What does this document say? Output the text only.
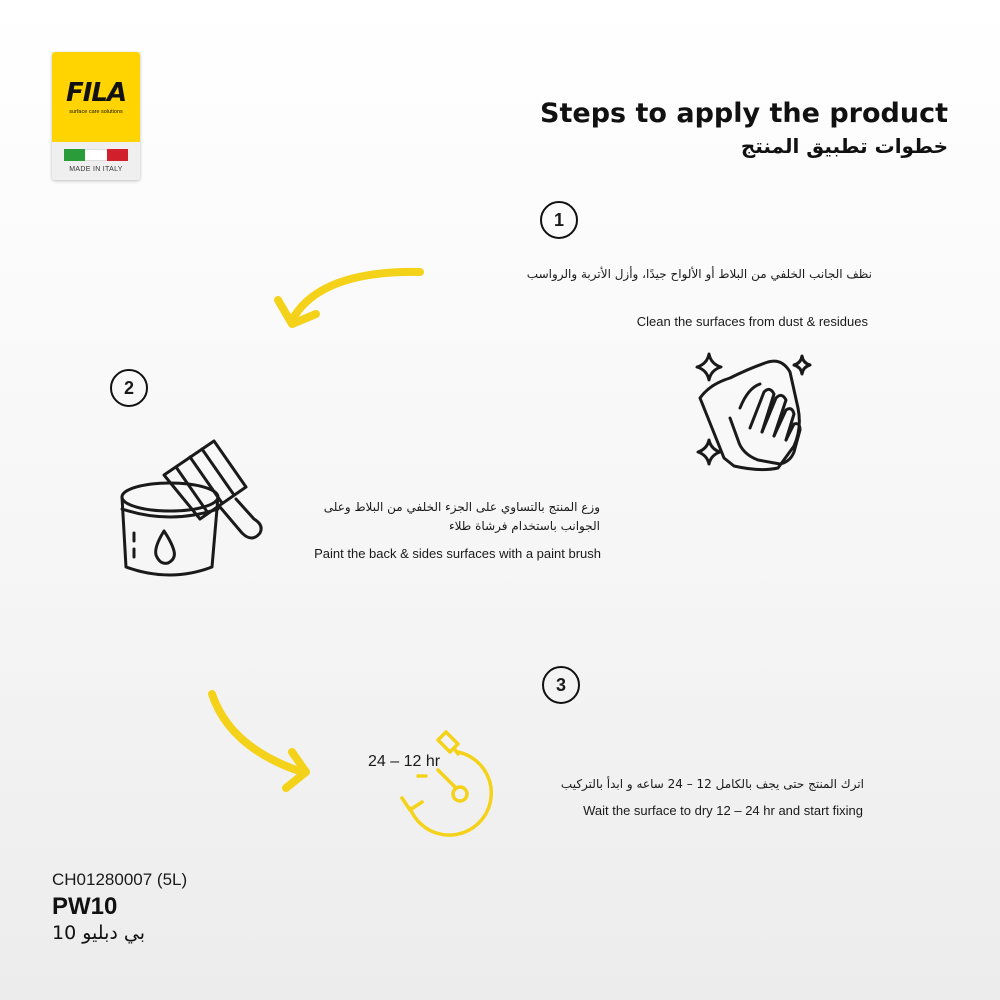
FILA
surface care solutions
MADE IN ITALY
Steps to apply the product
خطوات تطبيق المنتج
1
نظف الجانب الخلفي من البلاط أو الألواح جيدًا، وأزل الأتربة والرواسب
Clean the surfaces from dust & residues
2
وزع المنتج بالتساوي على الجزء الخلفي من البلاط وعلى الجوانب باستخدام فرشاة طلاء
Paint the back & sides surfaces with a paint brush
3
اترك المنتج حتى يجف بالكامل 12 – 24 ساعه و ابدأ بالتركيب
Wait the surface to dry 12 – 24 hr and start fixing
24 – 12 hr
CH01280007 (5L)
PW10
بي دبليو 10
